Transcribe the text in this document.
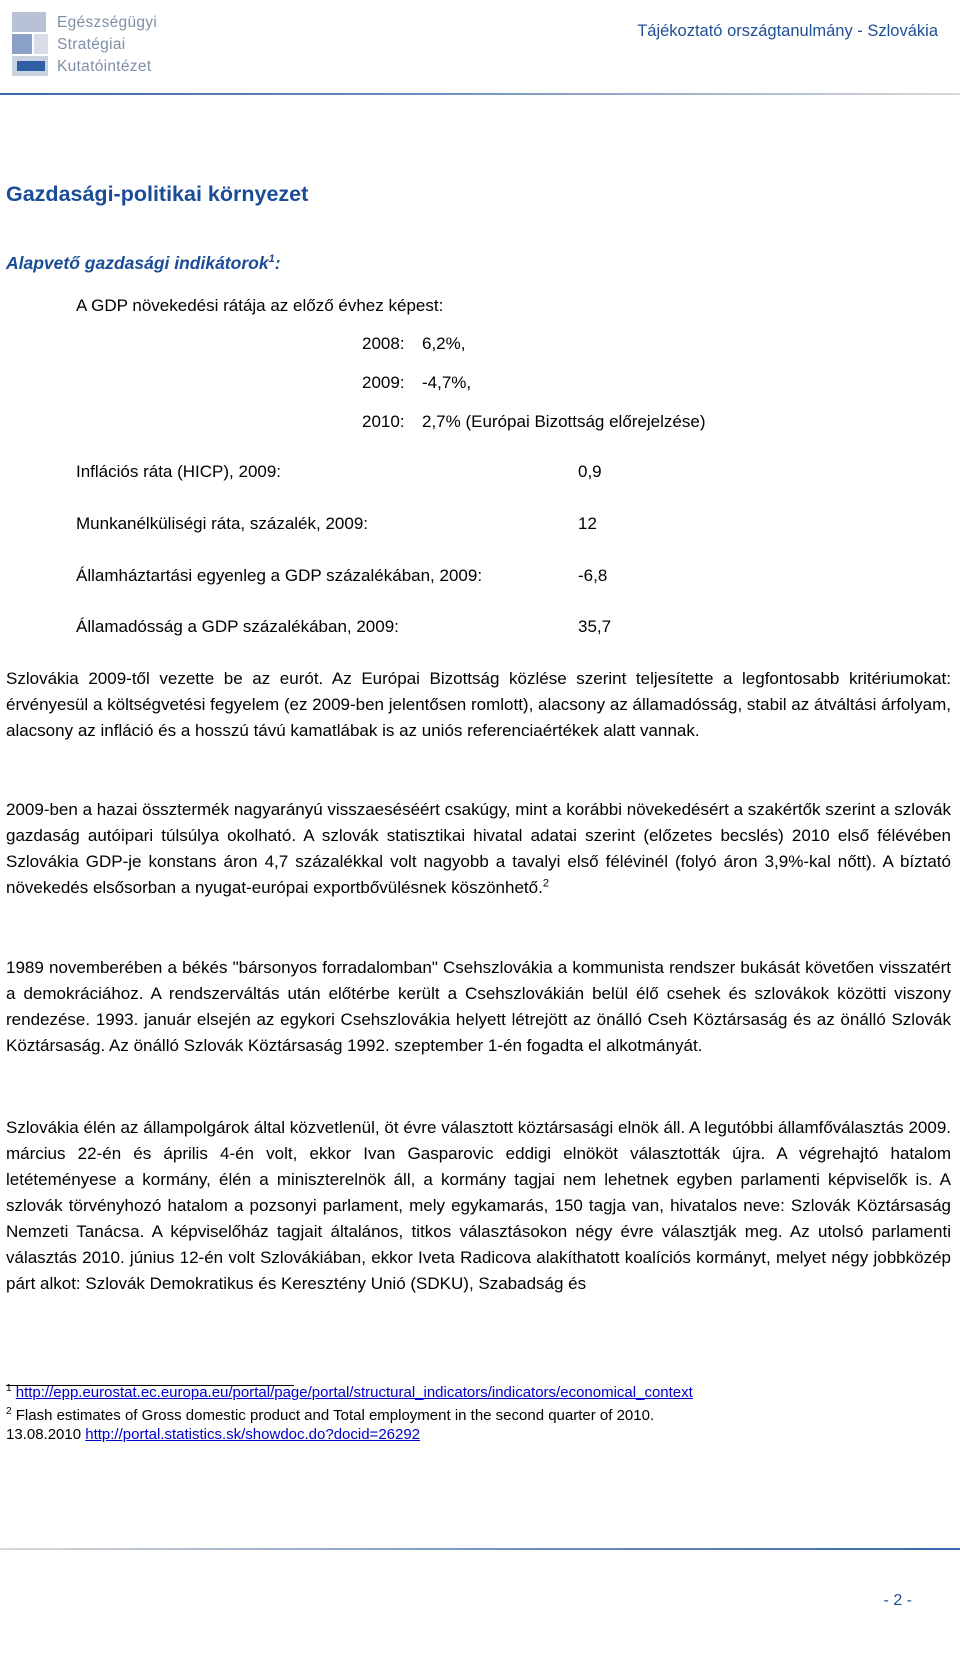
Egészségügyi
Stratégiai
Kutatóintézet
Tájékoztató országtanulmány - Szlovákia
Gazdasági-politikai környezet
Alapvető gazdasági indikátorok$^1$:
A GDP növekedési rátája az előző évhez képest:
2008: 6,2%,
2009: -4,7%,
2010: 2,7% (Európai Bizottság előrejelzése)
Inflációs ráta (HICP), 2009:	0,9
Munkanélküliségi ráta, százalék, 2009:	12
Államháztartási egyenleg a GDP százalékában, 2009:	-6,8
Államadósság a GDP százalékában, 2009:	35,7

Szlovákia 2009-től vezette be az eurót. Az Európai Bizottság közlése szerint teljesítette a legfontosabb kritériumokat: érvényesül a költségvetési fegyelem (ez 2009-ben jelentősen romlott), alacsony az államadósság, stabil az átváltási árfolyam, alacsony az infláció és a hosszú távú kamatlábak is az uniós referenciaértékek alatt vannak.

2009-ben a hazai össztermék nagyarányú visszaeséséért csakúgy, mint a korábbi növekedésért a szakértők szerint a szlovák gazdaság autóipari túlsúlya okolható. A szlovák statisztikai hivatal adatai szerint (előzetes becslés) 2010 első félévében Szlovákia GDP-je konstans áron 4,7 százalékkal volt nagyobb a tavalyi első félévinél (folyó áron 3,9%-kal nőtt). A bíztató növekedés elsősorban a nyugat-európai exportbővülésnek köszönhető.$^2$

1989 novemberében a békés "bársonyos forradalomban" Csehszlovákia a kommunista rendszer bukását követően visszatért a demokráciához. A rendszerváltás után előtérbe került a Csehszlovákián belül élő csehek és szlovákok közötti viszony rendezése. 1993. január elsején az egykori Csehszlovákia helyett létrejött az önálló Cseh Köztársaság és az önálló Szlovák Köztársaság. Az önálló Szlovák Köztársaság 1992. szeptember 1-én fogadta el alkotmányát.

Szlovákia élén az állampolgárok által közvetlenül, öt évre választott köztársasági elnök áll. A legutóbbi államfőválasztás 2009. március 22-én és április 4-én volt, ekkor Ivan Gasparovic eddigi elnököt választották újra. A végrehajtó hatalom letéteményese a kormány, élén a miniszterelnök áll, a kormány tagjai nem lehetnek egyben parlamenti képviselők is. A szlovák törvényhozó hatalom a pozsonyi parlament, mely egykamarás, 150 tagja van, hivatalos neve: Szlovák Köztársaság Nemzeti Tanácsa. A képviselőház tagjait általános, titkos választásokon négy évre választják meg. Az utolsó parlamenti választás 2010. június 12-én volt Szlovákiában, ekkor Iveta Radicova alakíthatott koalíciós kormányt, melyet négy jobbközép párt alkot: Szlovák Demokratikus és Keresztény Unió (SDKU), Szabadság és

$^1$ http://epp.eurostat.ec.europa.eu/portal/page/portal/structural_indicators/indicators/economical_context
$^2$ Flash estimates of Gross domestic product and Total employment in the second quarter of 2010.
13.08.2010 http://portal.statistics.sk/showdoc.do?docid=26292
- 2 -
